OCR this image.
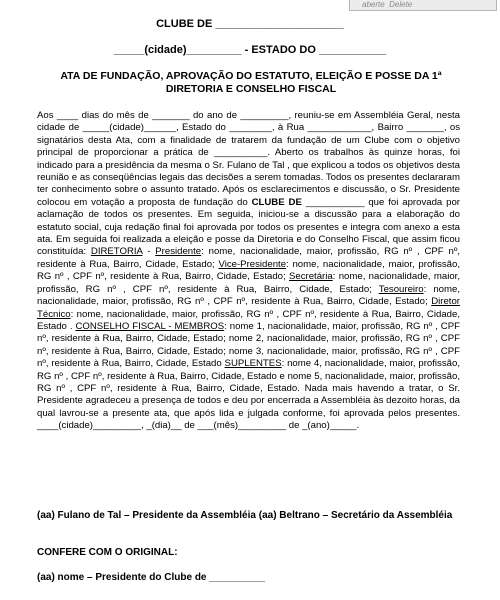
aberte  Delete
CLUBE DE _____________________
_____(cidade)_________ - ESTADO DO ___________
ATA DE FUNDAÇÃO, APROVAÇÃO DO ESTATUTO, ELEIÇÃO E POSSE DA 1ª
DIRETORIA E CONSELHO FISCAL

Aos ____ dias do mês de _______ do ano de _________, reuniu-se em Assembléia Geral, nesta cidade de _____(cidade)______, Estado do ________, à Rua ____________, Bairro _______, os signatários desta Ata, com a finalidade de tratarem da fundação de um Clube com o objetivo principal de proporcionar a prática de __________. Aberto os trabalhos às quinze horas, foi indicado para a presidência da mesma o Sr. Fulano de Tal , que explicou a todos os objetivos desta reunião e as conseqüências legais das decisões a serem tomadas. Todos os presentes declararam ter conhecimento sobre o assunto tratado. Após os esclarecimentos e discussão, o Sr. Presidente colocou em votação a proposta de fundação do CLUBE DE ___________ que foi aprovada por aclamação de todos os presentes. Em seguida, iniciou-se a discussão para a elaboração do estatuto social, cuja redação final foi aprovada por todos os presentes e integra com anexo a esta ata. Em seguida foi realizada a eleição e posse da Diretoria e do Conselho Fiscal, que assim ficou constituída: DIRETORIA - Presidente: nome, nacionalidade, maior, profissão, RG nº , CPF nº, residente à Rua, Bairro, Cidade, Estado; Vice-Presidente: nome, nacionalidade, maior, profissão, RG nº , CPF nº, residente à Rua, Bairro, Cidade, Estado; Secretária: nome, nacionalidade, maior, profissão, RG nº , CPF nº, residente à Rua, Bairro, Cidade, Estado; Tesoureiro: nome, nacionalidade, maior, profissão, RG nº , CPF nº, residente à Rua, Bairro, Cidade, Estado; Diretor Técnico: nome, nacionalidade, maior, profissão, RG nº , CPF nº, residente à Rua, Bairro, Cidade, Estado . CONSELHO FISCAL - MEMBROS: nome 1, nacionalidade, maior, profissão, RG nº , CPF nº, residente à Rua, Bairro, Cidade, Estado; nome 2, nacionalidade, maior, profissão, RG nº , CPF nº, residente à Rua, Bairro, Cidade, Estado; nome 3, nacionalidade, maior, profissão, RG nº , CPF nº, residente à Rua, Bairro, Cidade, Estado SUPLENTES: nome 4, nacionalidade, maior, profissão, RG nº , CPF nº, residente à Rua, Bairro, Cidade, Estado e nome 5, nacionalidade, maior, profissão, RG nº , CPF nº, residente à Rua, Bairro, Cidade, Estado. Nada mais havendo a tratar, o Sr. Presidente agradeceu a presença de todos e deu por encerrada a Assembléia às dezoito horas, da qual lavrou-se a presente ata, que após lida e julgada conforme, foi aprovada pelos presentes. ____(cidade)_________, _(dia)__ de ___(mês)_________ de _(ano)_____.

(aa) Fulano de Tal – Presidente da Assembléia (aa) Beltrano – Secretário da Assembléia
CONFERE COM O ORIGINAL:
(aa) nome – Presidente do Clube de __________
